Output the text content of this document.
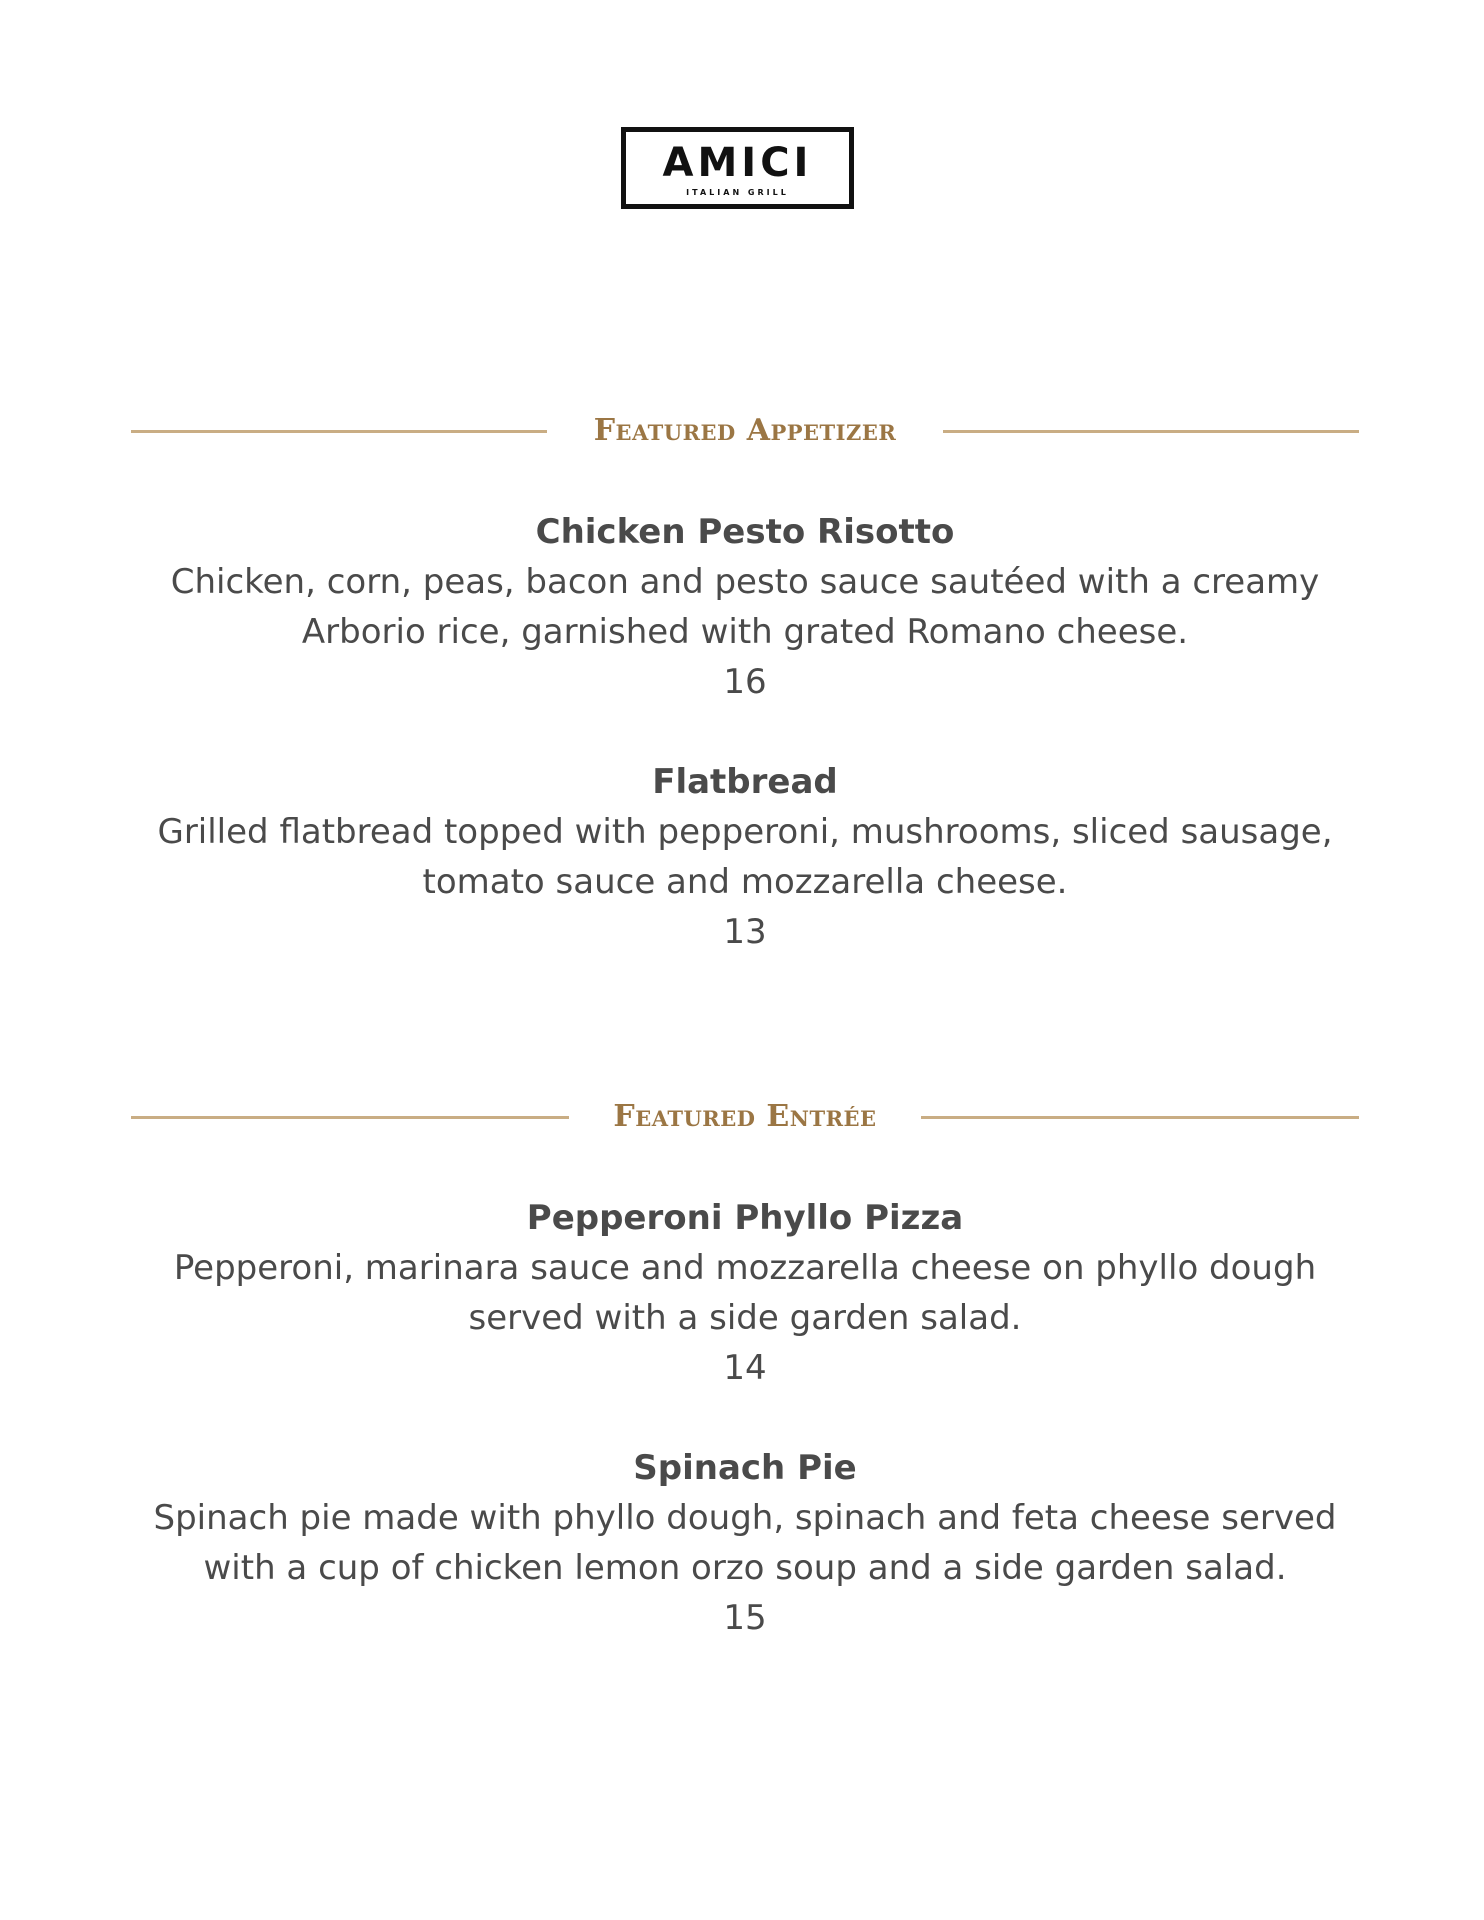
AMICI
ITALIAN GRILL
Featured Appetizer
Chicken Pesto Risotto
Chicken, corn, peas, bacon and pesto sauce sautéed with a creamy
Arborio rice, garnished with grated Romano cheese.
16
Flatbread
Grilled flatbread topped with pepperoni, mushrooms, sliced sausage,
tomato sauce and mozzarella cheese.
13
Featured Entrée
Pepperoni Phyllo Pizza
Pepperoni, marinara sauce and mozzarella cheese on phyllo dough
served with a side garden salad.
14
Spinach Pie
Spinach pie made with phyllo dough, spinach and feta cheese served
with a cup of chicken lemon orzo soup and a side garden salad.
15
